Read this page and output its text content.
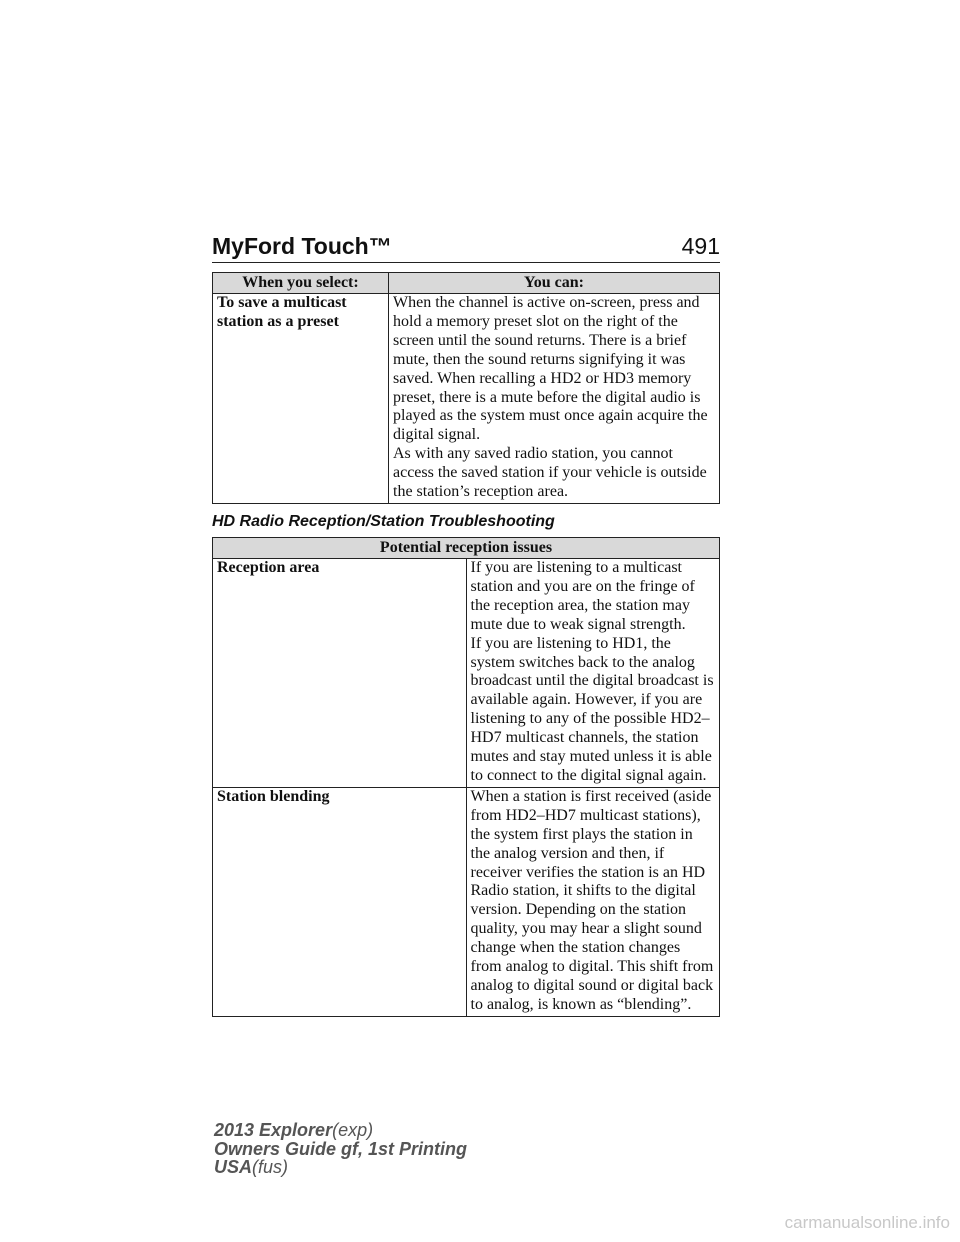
MyFord Touch™	491
When you select:	You can:
To save a multicast station as a preset	When the channel is active on-screen, press and hold a memory preset slot on the right of the screen until the sound returns. There is a brief mute, then the sound returns signifying it was saved. When recalling a HD2 or HD3 memory preset, there is a mute before the digital audio is played as the system must once again acquire the digital signal.
As with any saved radio station, you cannot access the saved station if your vehicle is outside the station’s reception area.
HD Radio Reception/Station Troubleshooting
Potential reception issues	
Reception area	If you are listening to a multicast station and you are on the fringe of the reception area, the station may mute due to weak signal strength.
If you are listening to HD1, the system switches back to the analog broadcast until the digital broadcast is available again. However, if you are listening to any of the possible HD2–HD7 multicast channels, the station mutes and stay muted unless it is able to connect to the digital signal again.

Station blending	When a station is first received (aside from HD2–HD7 multicast stations), the system first plays the station in the analog version and then, if receiver verifies the station is an HD Radio station, it shifts to the digital version. Depending on the station quality, you may hear a slight sound change when the station changes from analog to digital. This shift from analog to digital sound or digital back to analog, is known as “blending”.
2013 Explorer(exp)
Owners Guide gf, 1st Printing
USA(fus)
carmanualsonline.info
